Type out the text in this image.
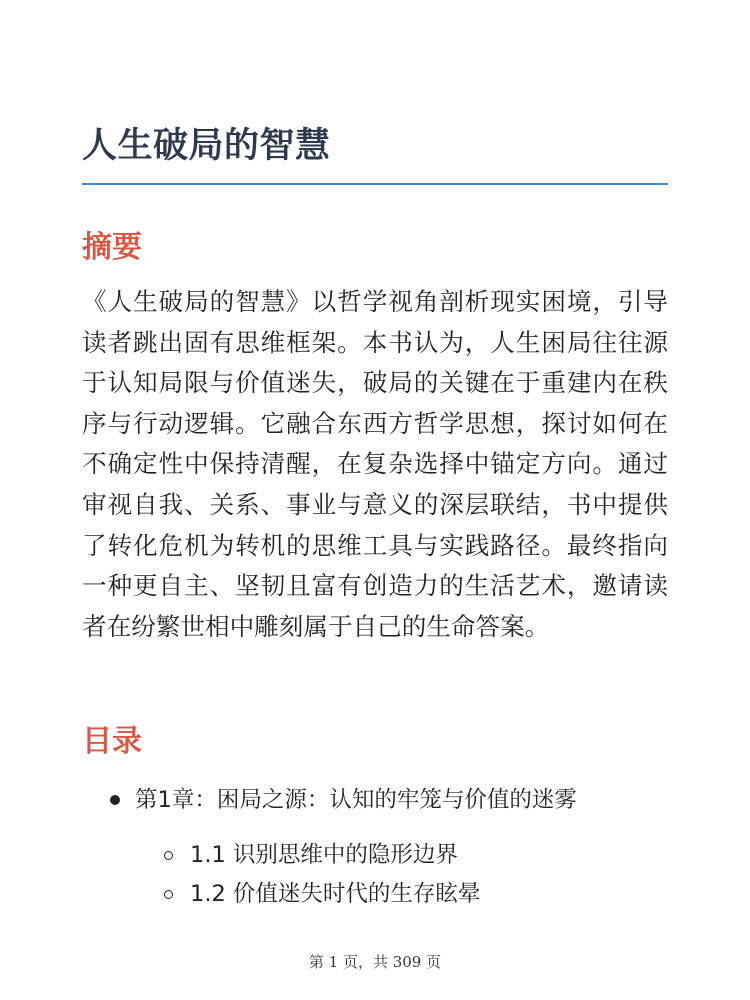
人生破局的智慧
摘要

《人生破局的智慧》以哲学视角剖析现实困境，引导读者跳出固有思维框架。本书认为，人生困局往往源于认知局限与价值迷失，破局的关键在于重建内在秩序与行动逻辑。它融合东西方哲学思想，探讨如何在不确定性中保持清醒，在复杂选择中锚定方向。通过审视自我、关系、事业与意义的深层联结，书中提供了转化危机为转机的思维工具与实践路径。最终指向一种更自主、坚韧且富有创造力的生活艺术，邀请读者在纷繁世相中雕刻属于自己的生命答案。

目录
第1章：困局之源：认知的牢笼与价值的迷雾
1.1 识别思维中的隐形边界
1.2 价值迷失时代的生存眩晕
第 1 页，共 309 页
